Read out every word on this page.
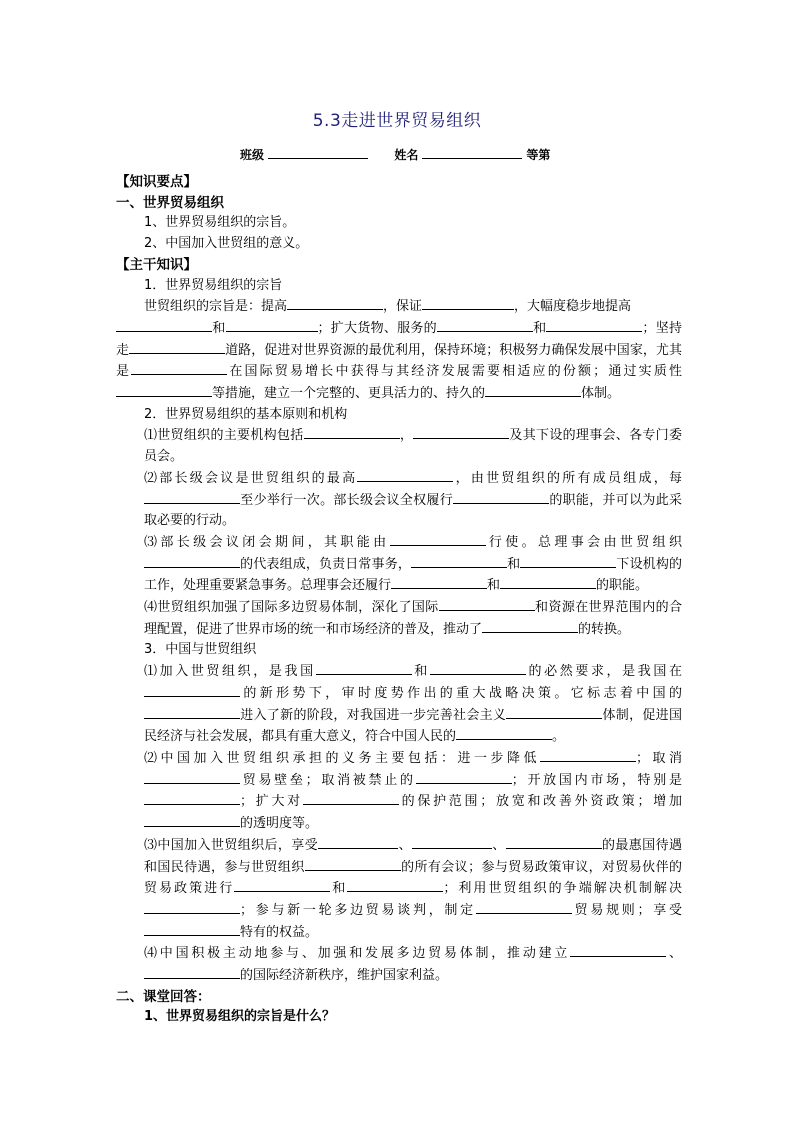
5.3走进世界贸易组织
班级	姓名	等第

【知识要点】

一、世界贸易组织

1、世界贸易组织的宗旨。

2、中国加入世贸组的意义。

【主干知识】

1．世界贸易组织的宗旨

世贸组织的宗旨是：提高	，保证	，大幅度稳步地提高

和	；扩大货物、服务的	和	；坚持走	道路，促进对世界资源的最优利用，保持环境；积极努力确保发展中国家，尤其是	在国际贸易增长中获得与其经济发展需要相适应的份额；通过实质性等措施，建立一个完整的、更具活力的、持久的	体制。

2．世界贸易组织的基本原则和机构

⑴世贸组织的主要机构包括	，	及其下设的理事会、各专门委员会。

⑵部长级会议是世贸组织的最高	，由世贸组织的所有成员组成，每至少举行一次。部长级会议全权履行	的职能，并可以为此采取必要的行动。

⑶部长级会议闭会期间，其职能由	行使。总理事会由世贸组织的代表组成，负责日常事务，	和	下设机构的工作，处理重要紧急事务。总理事会还履行	和	的职能。

⑷世贸组织加强了国际多边贸易体制，深化了国际	和资源在世界范围内的合理配置，促进了世界市场的统一和市场经济的普及，推动了	的转换。

3．中国与世贸组织

⑴加入世贸组织，是我国	和	的必然要求，是我国在的新形势下，审时度势作出的重大战略决策。它标志着中国的进入了新的阶段，对我国进一步完善社会主义	体制，促进国民经济与社会发展，都具有重大意义，符合中国人民的	。

⑵中国加入世贸组织承担的义务主要包括：进一步降低	；取消贸易壁垒；取消被禁止的	；开放国内市场，特别是；扩大对	的保护范围；放宽和改善外资政策；增加的透明度等。

⑶中国加入世贸组织后，享受	、	、	的最惠国待遇和国民待遇，参与世贸组织	的所有会议；参与贸易政策审议，对贸易伙伴的贸易政策进行	和	；利用世贸组织的争端解决机制解决；参与新一轮多边贸易谈判，制定	贸易规则；享受特有的权益。

⑷中国积极主动地参与、加强和发展多边贸易体制，推动建立	、的国际经济新秩序，维护国家利益。

二、课堂回答：

1、世界贸易组织的宗旨是什么？
